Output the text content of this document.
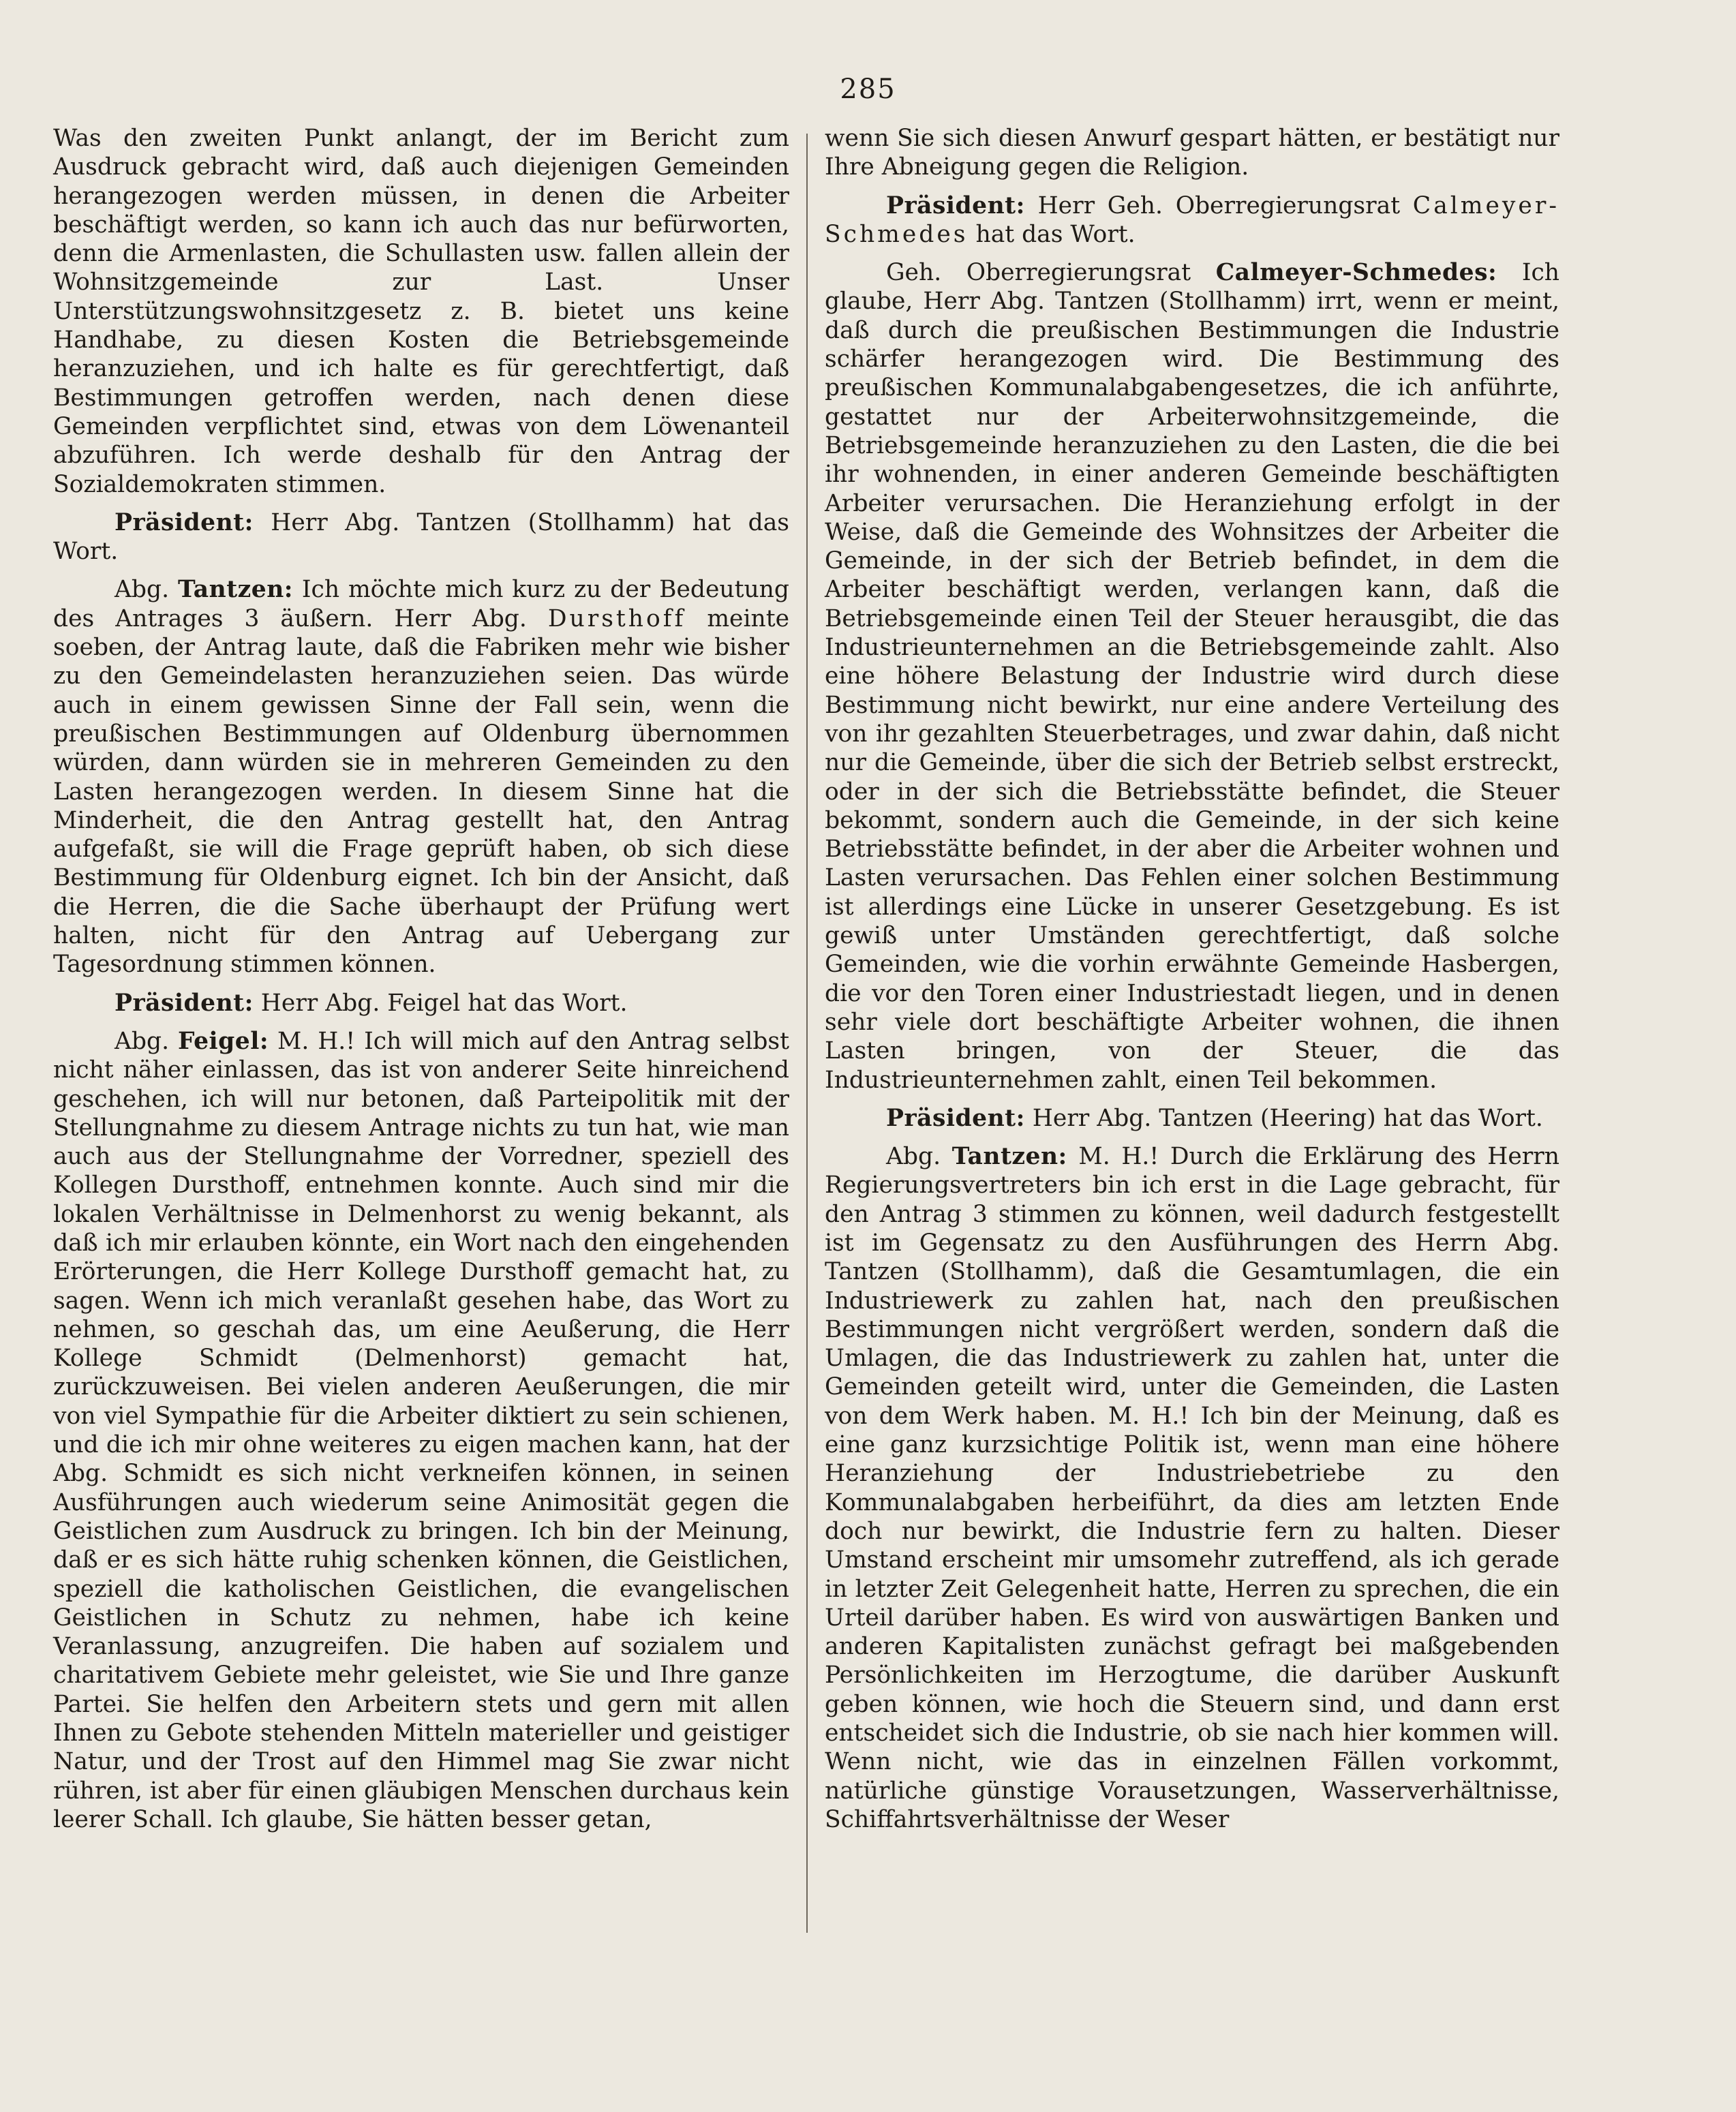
285

Was den zweiten Punkt anlangt, der im Bericht zum Ausdruck gebracht wird, daß auch diejenigen Gemeinden herangezogen werden müssen, in denen die Arbeiter beschäftigt werden, so kann ich auch das nur befürworten, denn die Armenlasten, die Schullasten usw. fallen allein der Wohnsitzgemeinde zur Last. Unser Unterstützungswohnsitzgesetz z. B. bietet uns keine Handhabe, zu diesen Kosten die Betriebsgemeinde heranzuziehen, und ich halte es für gerechtfertigt, daß Bestimmungen getroffen werden, nach denen diese Gemeinden verpflichtet sind, etwas von dem Löwenanteil abzuführen. Ich werde deshalb für den Antrag der Sozialdemokraten stimmen.

Präsident: Herr Abg. Tantzen (Stollhamm) hat das Wort.

Abg. Tantzen: Ich möchte mich kurz zu der Bedeutung des Antrages 3 äußern. Herr Abg. Dursthoff meinte soeben, der Antrag laute, daß die Fabriken mehr wie bisher zu den Gemeindelasten heranzuziehen seien. Das würde auch in einem gewissen Sinne der Fall sein, wenn die preußischen Bestimmungen auf Oldenburg übernommen würden, dann würden sie in mehreren Gemeinden zu den Lasten herangezogen werden. In diesem Sinne hat die Minderheit, die den Antrag gestellt hat, den Antrag aufgefaßt, sie will die Frage geprüft haben, ob sich diese Bestimmung für Oldenburg eignet. Ich bin der Ansicht, daß die Herren, die die Sache überhaupt der Prüfung wert halten, nicht für den Antrag auf Uebergang zur Tagesordnung stimmen können.

Präsident: Herr Abg. Feigel hat das Wort.

Abg. Feigel: M. H.! Ich will mich auf den Antrag selbst nicht näher einlassen, das ist von anderer Seite hinreichend geschehen, ich will nur betonen, daß Parteipolitik mit der Stellungnahme zu diesem Antrage nichts zu tun hat, wie man auch aus der Stellungnahme der Vorredner, speziell des Kollegen Dursthoff, entnehmen konnte. Auch sind mir die lokalen Verhältnisse in Delmenhorst zu wenig bekannt, als daß ich mir erlauben könnte, ein Wort nach den eingehenden Erörterungen, die Herr Kollege Dursthoff gemacht hat, zu sagen. Wenn ich mich veranlaßt gesehen habe, das Wort zu nehmen, so geschah das, um eine Aeußerung, die Herr Kollege Schmidt (Delmenhorst) gemacht hat, zurückzuweisen. Bei vielen anderen Aeußerungen, die mir von viel Sympathie für die Arbeiter diktiert zu sein schienen, und die ich mir ohne weiteres zu eigen machen kann, hat der Abg. Schmidt es sich nicht verkneifen können, in seinen Ausführungen auch wiederum seine Animosität gegen die Geistlichen zum Ausdruck zu bringen. Ich bin der Meinung, daß er es sich hätte ruhig schenken können, die Geistlichen, speziell die katholischen Geistlichen, die evangelischen Geistlichen in Schutz zu nehmen, habe ich keine Veranlassung, anzugreifen. Die haben auf sozialem und charitativem Gebiete mehr geleistet, wie Sie und Ihre ganze Partei. Sie helfen den Arbeitern stets und gern mit allen Ihnen zu Gebote stehenden Mitteln materieller und geistiger Natur, und der Trost auf den Himmel mag Sie zwar nicht rühren, ist aber für einen gläubigen Menschen durchaus kein leerer Schall. Ich glaube, Sie hätten besser getan,

wenn Sie sich diesen Anwurf gespart hätten, er bestätigt nur Ihre Abneigung gegen die Religion.

Präsident: Herr Geh. Oberregierungsrat Calmeyer-Schmedes hat das Wort.

Geh. Oberregierungsrat Calmeyer-Schmedes: Ich glaube, Herr Abg. Tantzen (Stollhamm) irrt, wenn er meint, daß durch die preußischen Bestimmungen die Industrie schärfer herangezogen wird. Die Bestimmung des preußischen Kommunalabgabengesetzes, die ich anführte, gestattet nur der Arbeiterwohnsitzgemeinde, die Betriebsgemeinde heranzuziehen zu den Lasten, die die bei ihr wohnenden, in einer anderen Gemeinde beschäftigten Arbeiter verursachen. Die Heranziehung erfolgt in der Weise, daß die Gemeinde des Wohnsitzes der Arbeiter die Gemeinde, in der sich der Betrieb befindet, in dem die Arbeiter beschäftigt werden, verlangen kann, daß die Betriebsgemeinde einen Teil der Steuer herausgibt, die das Industrieunternehmen an die Betriebsgemeinde zahlt. Also eine höhere Belastung der Industrie wird durch diese Bestimmung nicht bewirkt, nur eine andere Verteilung des von ihr gezahlten Steuerbetrages, und zwar dahin, daß nicht nur die Gemeinde, über die sich der Betrieb selbst erstreckt, oder in der sich die Betriebsstätte befindet, die Steuer bekommt, sondern auch die Gemeinde, in der sich keine Betriebsstätte befindet, in der aber die Arbeiter wohnen und Lasten verursachen. Das Fehlen einer solchen Bestimmung ist allerdings eine Lücke in unserer Gesetzgebung. Es ist gewiß unter Umständen gerechtfertigt, daß solche Gemeinden, wie die vorhin erwähnte Gemeinde Hasbergen, die vor den Toren einer Industriestadt liegen, und in denen sehr viele dort beschäftigte Arbeiter wohnen, die ihnen Lasten bringen, von der Steuer, die das Industrieunternehmen zahlt, einen Teil bekommen.

Präsident: Herr Abg. Tantzen (Heering) hat das Wort.

Abg. Tantzen: M. H.! Durch die Erklärung des Herrn Regierungsvertreters bin ich erst in die Lage gebracht, für den Antrag 3 stimmen zu können, weil dadurch festgestellt ist im Gegensatz zu den Ausführungen des Herrn Abg. Tantzen (Stollhamm), daß die Gesamtumlagen, die ein Industriewerk zu zahlen hat, nach den preußischen Bestimmungen nicht vergrößert werden, sondern daß die Umlagen, die das Industriewerk zu zahlen hat, unter die Gemeinden geteilt wird, unter die Gemeinden, die Lasten von dem Werk haben. M. H.! Ich bin der Meinung, daß es eine ganz kurzsichtige Politik ist, wenn man eine höhere Heranziehung der Industriebetriebe zu den Kommunalabgaben herbeiführt, da dies am letzten Ende doch nur bewirkt, die Industrie fern zu halten. Dieser Umstand erscheint mir umsomehr zutreffend, als ich gerade in letzter Zeit Gelegenheit hatte, Herren zu sprechen, die ein Urteil darüber haben. Es wird von auswärtigen Banken und anderen Kapitalisten zunächst gefragt bei maßgebenden Persönlichkeiten im Herzogtume, die darüber Auskunft geben können, wie hoch die Steuern sind, und dann erst entscheidet sich die Industrie, ob sie nach hier kommen will. Wenn nicht, wie das in einzelnen Fällen vorkommt, natürliche günstige Vorausetzungen, Wasserverhältnisse, Schiffahrtsverhältnisse der Weser
